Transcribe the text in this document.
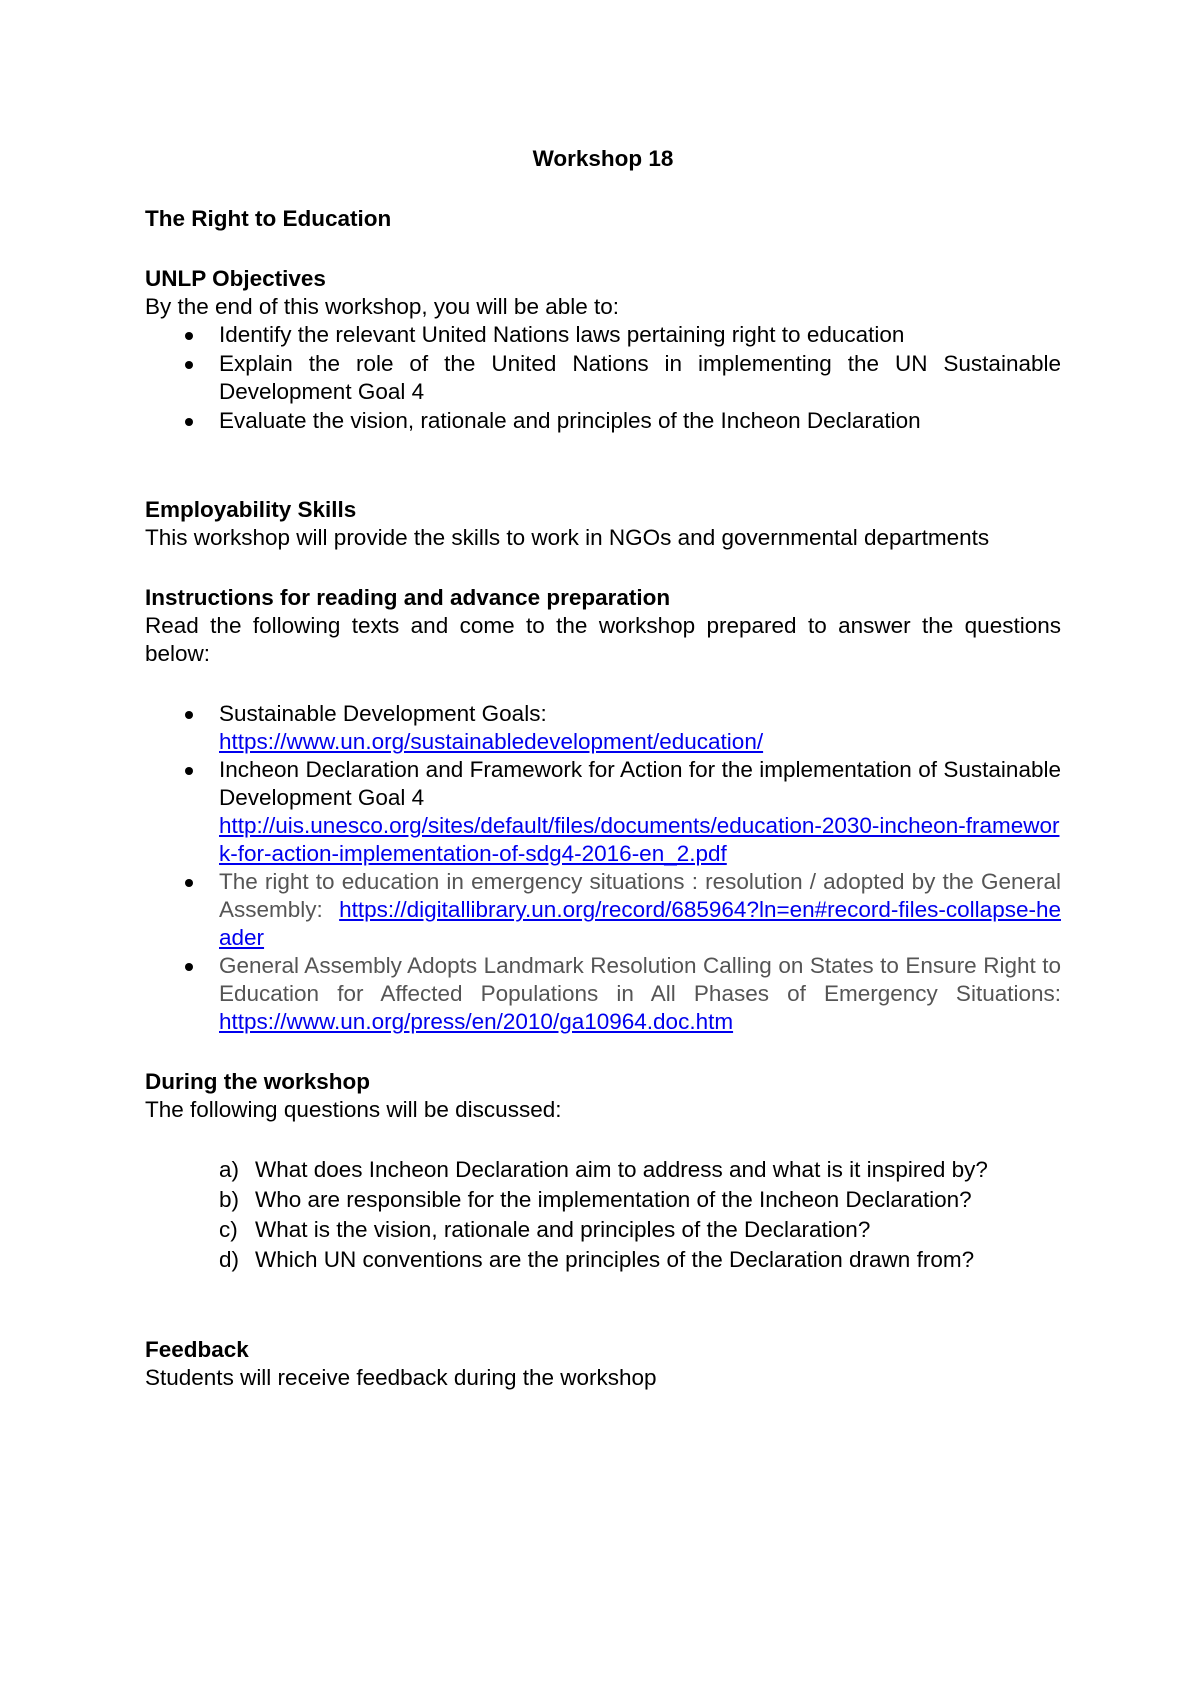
Workshop 18

The Right to Education

UNLP Objectives

By the end of this workshop, you will be able to:

Identify the relevant United Nations laws pertaining right to education
Explain the role of the United Nations in implementing the UN Sustainable Development Goal 4
Evaluate the vision, rationale and principles of the Incheon Declaration

Employability Skills

This workshop will provide the skills to work in NGOs and governmental departments

Instructions for reading and advance preparation

Read the following texts and come to the workshop prepared to answer the questions below:

Sustainable Development Goals:
https://www.un.org/sustainabledevelopment/education/
Incheon Declaration and Framework for Action for the implementation of Sustainable Development Goal 4
http://uis.unesco.org/sites/default/files/documents/education-2030-incheon-framework-for-action-implementation-of-sdg4-2016-en_2.pdf
The right to education in emergency situations : resolution / adopted by the General Assembly: https://digitallibrary.un.org/record/685964?ln=en#record-files-collapse-header
General Assembly Adopts Landmark Resolution Calling on States to Ensure Right to Education for Affected Populations in All Phases of Emergency Situations: https://www.un.org/press/en/2010/ga10964.doc.htm

During the workshop

The following questions will be discussed:

a) What does Incheon Declaration aim to address and what is it inspired by?
b) Who are responsible for the implementation of the Incheon Declaration?
c) What is the vision, rationale and principles of the Declaration?
d) Which UN conventions are the principles of the Declaration drawn from?

Feedback

Students will receive feedback during the workshop
